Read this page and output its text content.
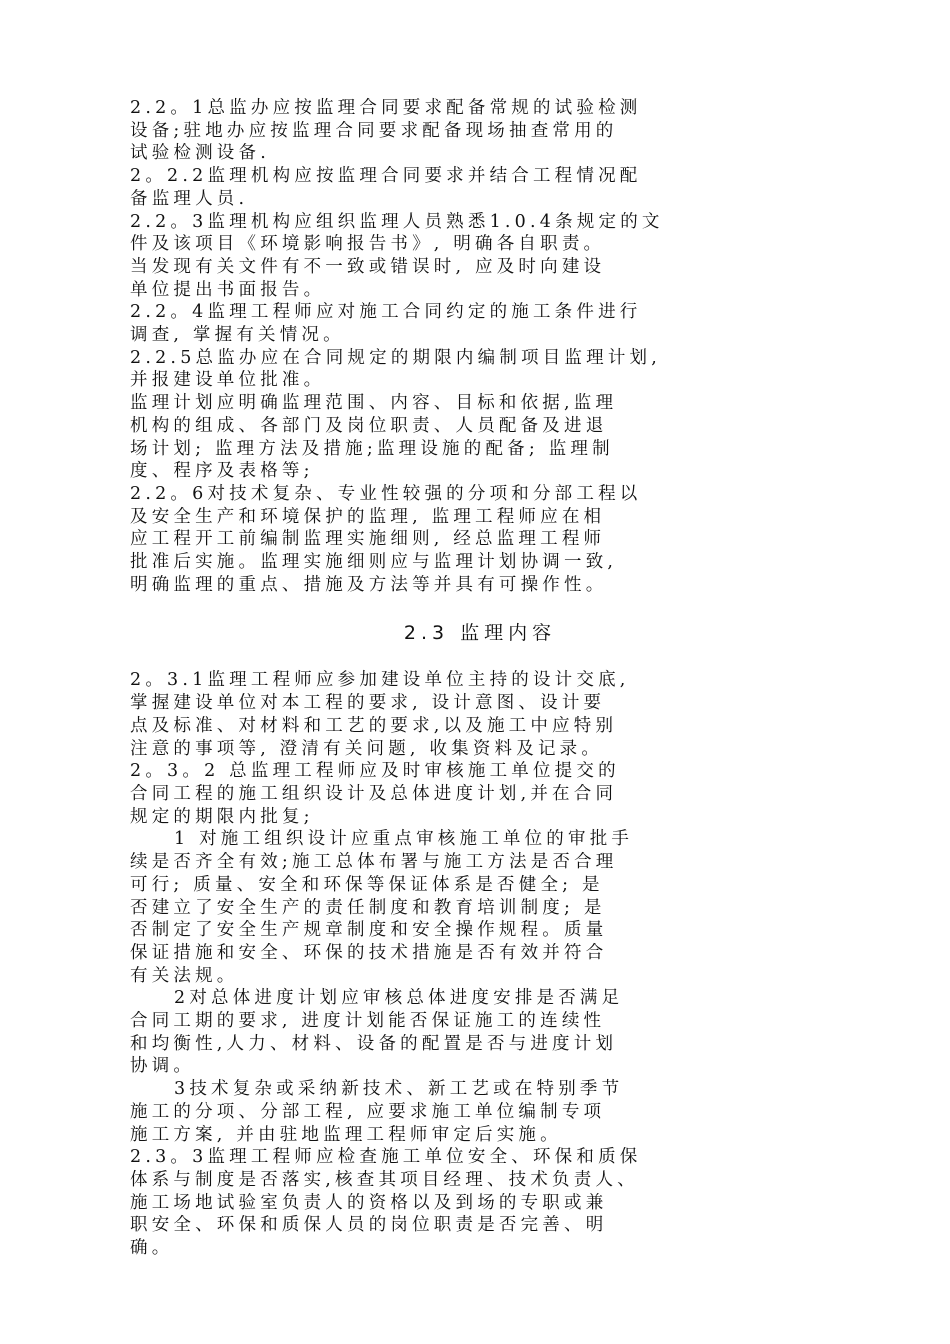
2.2。1总监办应按监理合同要求配备常规的试验检测
设备;驻地办应按监理合同要求配备现场抽查常用的
试验检测设备.
2。2.2监理机构应按监理合同要求并结合工程情况配
备监理人员.
2.2。3监理机构应组织监理人员熟悉1.0.4条规定的文
件及该项目《环境影响报告书》, 明确各自职责。
当发现有关文件有不一致或错误时, 应及时向建设
单位提出书面报告。
2.2。4监理工程师应对施工合同约定的施工条件进行
调查, 掌握有关情况。
2.2.5总监办应在合同规定的期限内编制项目监理计划,
并报建设单位批准。
监理计划应明确监理范围、内容、目标和依据,监理
机构的组成、各部门及岗位职责、人员配备及进退
场计划; 监理方法及措施;监理设施的配备; 监理制
度、程序及表格等;
2.2。6对技术复杂、专业性较强的分项和分部工程以
及安全生产和环境保护的监理, 监理工程师应在相
应工程开工前编制监理实施细则, 经总监理工程师
批准后实施。监理实施细则应与监理计划协调一致,
明确监理的重点、措施及方法等并具有可操作性。
2.3 监理内容
2。3.1监理工程师应参加建设单位主持的设计交底,
掌握建设单位对本工程的要求, 设计意图、设计要
点及标准、对材料和工艺的要求,以及施工中应特别
注意的事项等, 澄清有关问题, 收集资料及记录。
2。3。2 总监理工程师应及时审核施工单位提交的
合同工程的施工组织设计及总体进度计划,并在合同
规定的期限内批复;
1 对施工组织设计应重点审核施工单位的审批手
续是否齐全有效;施工总体布署与施工方法是否合理
可行; 质量、安全和环保等保证体系是否健全; 是
否建立了安全生产的责任制度和教育培训制度; 是
否制定了安全生产规章制度和安全操作规程。质量
保证措施和安全、环保的技术措施是否有效并符合
有关法规。
2对总体进度计划应审核总体进度安排是否满足
合同工期的要求, 进度计划能否保证施工的连续性
和均衡性,人力、材料、设备的配置是否与进度计划
协调。
3技术复杂或采纳新技术、新工艺或在特别季节
施工的分项、分部工程, 应要求施工单位编制专项
施工方案, 并由驻地监理工程师审定后实施。
2.3。3监理工程师应检查施工单位安全、环保和质保
体系与制度是否落实,核查其项目经理、技术负责人、
施工场地试验室负责人的资格以及到场的专职或兼
职安全、环保和质保人员的岗位职责是否完善、明
确。
